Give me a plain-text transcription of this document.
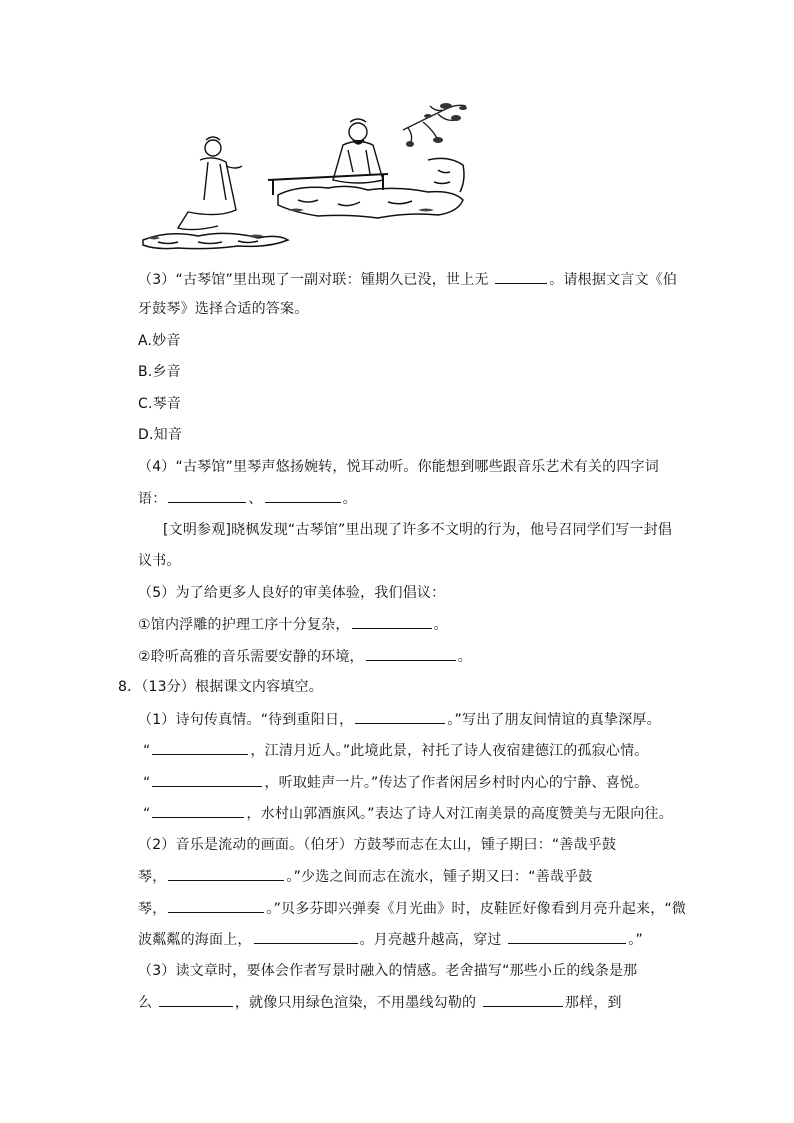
（3）“古琴馆”里出现了一副对联：锺期久已没，世上无	。请根据文言文《伯
牙鼓琴》选择合适的答案。
A.妙音
B.乡音
C.琴音
D.知音
（4）“古琴馆”里琴声悠扬婉转，悦耳动听。你能想到哪些跟音乐艺术有关的四字词
语：	、	。
[文明参观]晓枫发现“古琴馆”里出现了许多不文明的行为，他号召同学们写一封倡
议书。
（5）为了给更多人良好的审美体验，我们倡议：
①馆内浮雕的护理工序十分复杂，	。
②聆听高雅的音乐需要安静的环境，	。
8．（13分）根据课文内容填空。
（1）诗句传真情。“待到重阳日，	。”写出了朋友间情谊的真挚深厚。
“	，江清月近人。”此境此景，衬托了诗人夜宿建德江的孤寂心情。
“	，听取蛙声一片。”传达了作者闲居乡村时内心的宁静、喜悦。
“	，水村山郭酒旗风。”表达了诗人对江南美景的高度赞美与无限向往。
（2）音乐是流动的画面。（伯牙）方鼓琴而志在太山，锺子期曰：“善哉乎鼓
琴，	。”少选之间而志在流水，锺子期又曰：“善哉乎鼓
琴，	。”贝多芬即兴弹奏《月光曲》时，皮鞋匠好像看到月亮升起来，“微
波粼粼的海面上，	。月亮越升越高，穿过	。”
（3）读文章时，要体会作者写景时融入的情感。老舍描写“那些小丘的线条是那
么	，就像只用绿色渲染，不用墨线勾勒的	那样，到
